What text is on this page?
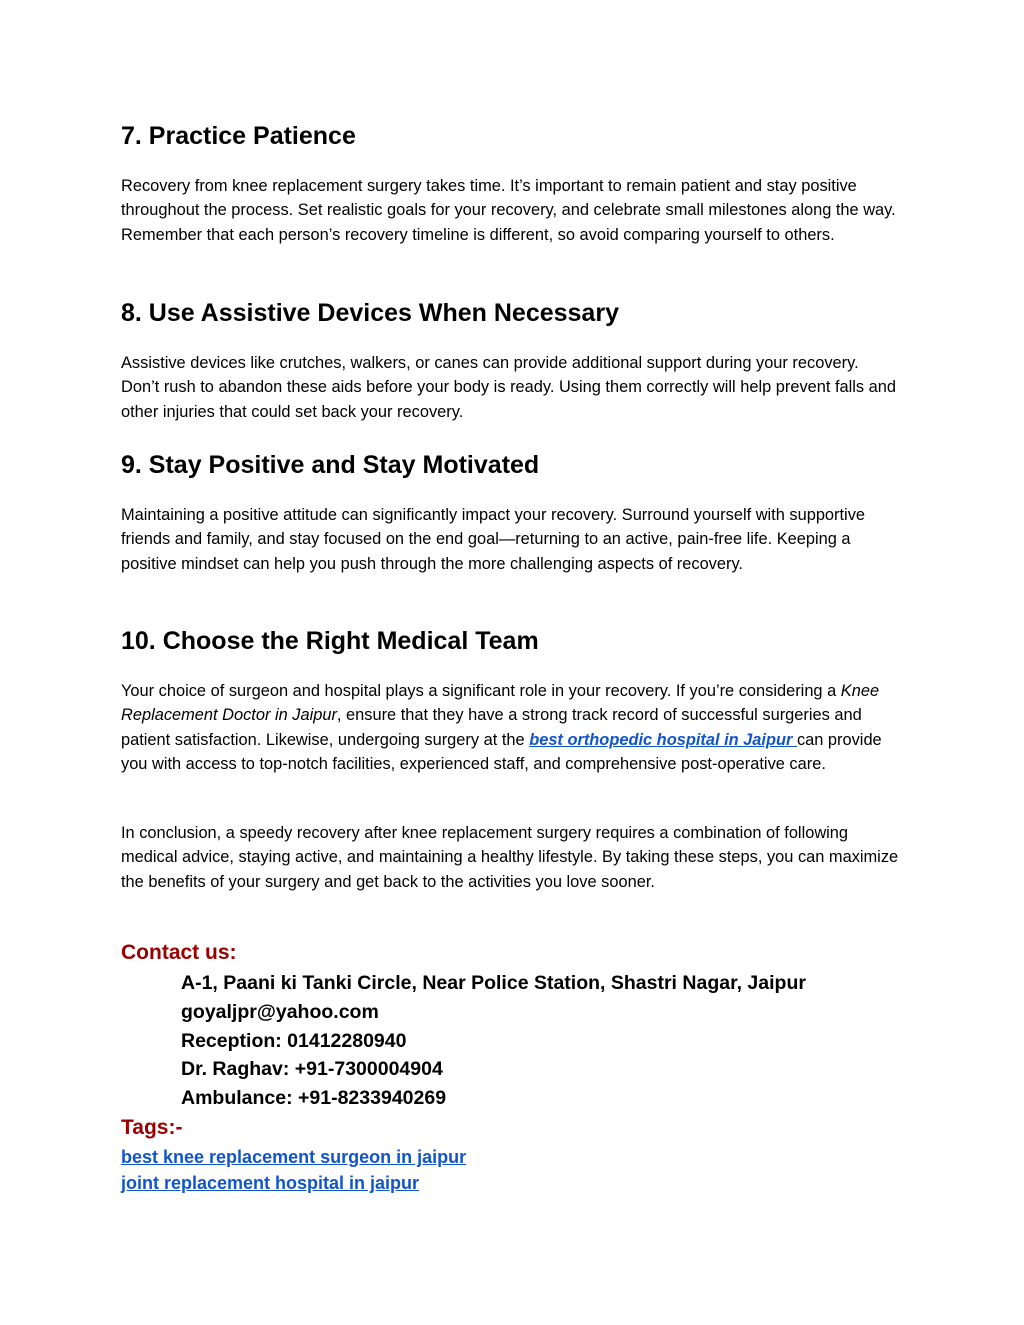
7. Practice Patience

Recovery from knee replacement surgery takes time. It’s important to remain patient and stay positive throughout the process. Set realistic goals for your recovery, and celebrate small milestones along the way. Remember that each person’s recovery timeline is different, so avoid comparing yourself to others.

8. Use Assistive Devices When Necessary

Assistive devices like crutches, walkers, or canes can provide additional support during your recovery. Don’t rush to abandon these aids before your body is ready. Using them correctly will help prevent falls and other injuries that could set back your recovery.

9. Stay Positive and Stay Motivated

Maintaining a positive attitude can significantly impact your recovery. Surround yourself with supportive friends and family, and stay focused on the end goal—returning to an active, pain-free life. Keeping a positive mindset can help you push through the more challenging aspects of recovery.

10. Choose the Right Medical Team

Your choice of surgeon and hospital plays a significant role in your recovery. If you’re considering a Knee Replacement Doctor in Jaipur, ensure that they have a strong track record of successful surgeries and patient satisfaction. Likewise, undergoing surgery at the best orthopedic hospital in Jaipur can provide you with access to top-notch facilities, experienced staff, and comprehensive post-operative care.

In conclusion, a speedy recovery after knee replacement surgery requires a combination of following medical advice, staying active, and maintaining a healthy lifestyle. By taking these steps, you can maximize the benefits of your surgery and get back to the activities you love sooner.

Contact us:
A-1, Paani ki Tanki Circle, Near Police Station, Shastri Nagar, Jaipur
goyaljpr@yahoo.com
Reception: 01412280940
Dr. Raghav: +91-7300004904
Ambulance: +91-8233940269
Tags:-
best knee replacement surgeon in jaipur
joint replacement hospital in jaipur
